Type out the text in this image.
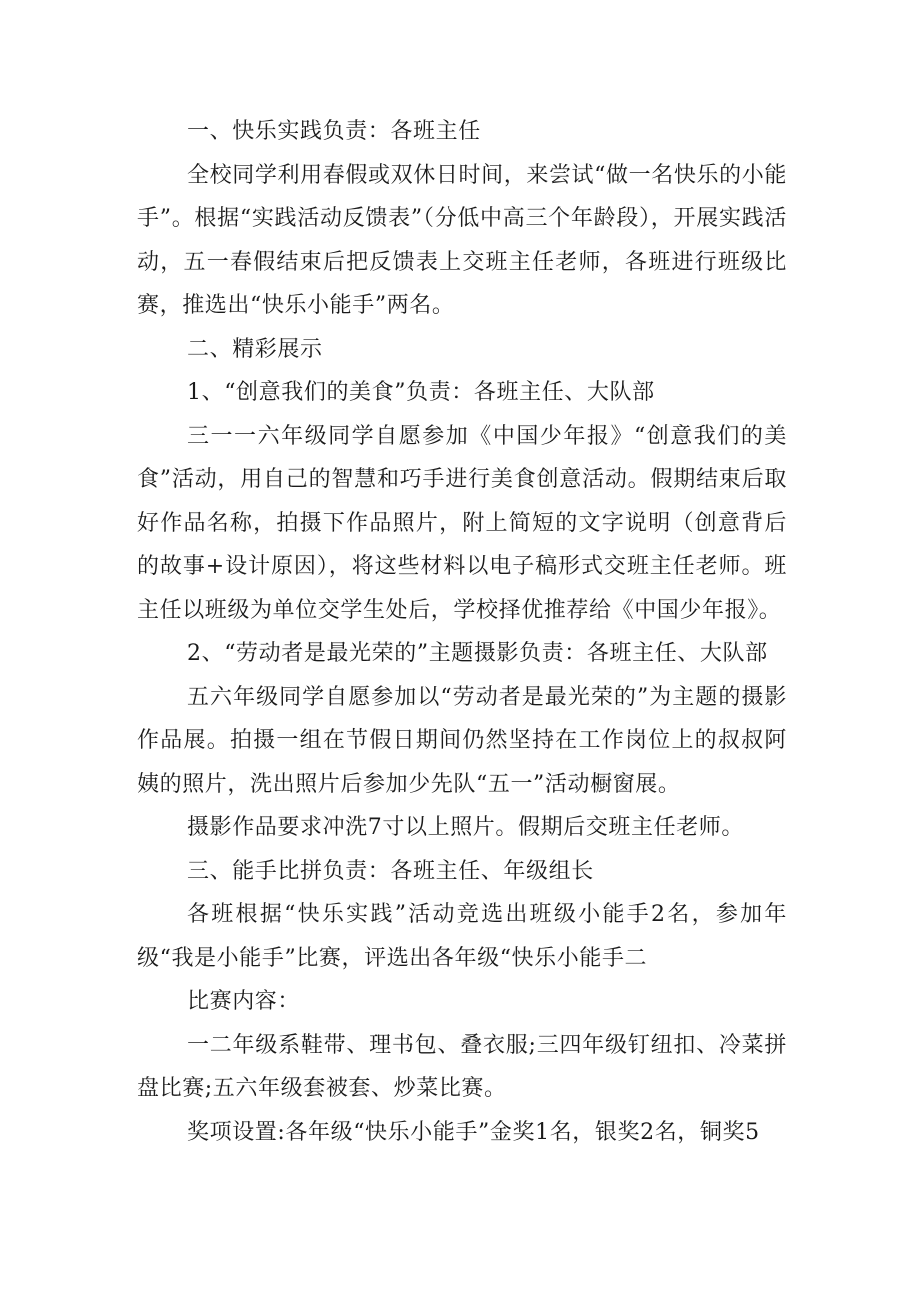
一、快乐实践负责：各班主任

全校同学利用春假或双休日时间，来尝试“做一名快乐的小能手”。根据“实践活动反馈表”（分低中高三个年龄段），开展实践活动，五一春假结束后把反馈表上交班主任老师，各班进行班级比赛，推选出“快乐小能手”两名。

二、精彩展示

1、“创意我们的美食”负责：各班主任、大队部

三一一六年级同学自愿参加《中国少年报》“创意我们的美食”活动，用自己的智慧和巧手进行美食创意活动。假期结束后取好作品名称，拍摄下作品照片，附上简短的文字说明（创意背后的故事+设计原因），将这些材料以电子稿形式交班主任老师。班主任以班级为单位交学生处后，学校择优推荐给《中国少年报》。

2、“劳动者是最光荣的”主题摄影负责：各班主任、大队部

五六年级同学自愿参加以“劳动者是最光荣的”为主题的摄影作品展。拍摄一组在节假日期间仍然坚持在工作岗位上的叔叔阿姨的照片，洗出照片后参加少先队“五一”活动橱窗展。

摄影作品要求冲洗7寸以上照片。假期后交班主任老师。

三、能手比拼负责：各班主任、年级组长

各班根据“快乐实践”活动竞选出班级小能手2名，参加年级“我是小能手”比赛，评选出各年级“快乐小能手二

比赛内容：

一二年级系鞋带、理书包、叠衣服;三四年级钉纽扣、冷菜拼盘比赛;五六年级套被套、炒菜比赛。

奖项设置:各年级“快乐小能手”金奖1名，银奖2名，铜奖5
